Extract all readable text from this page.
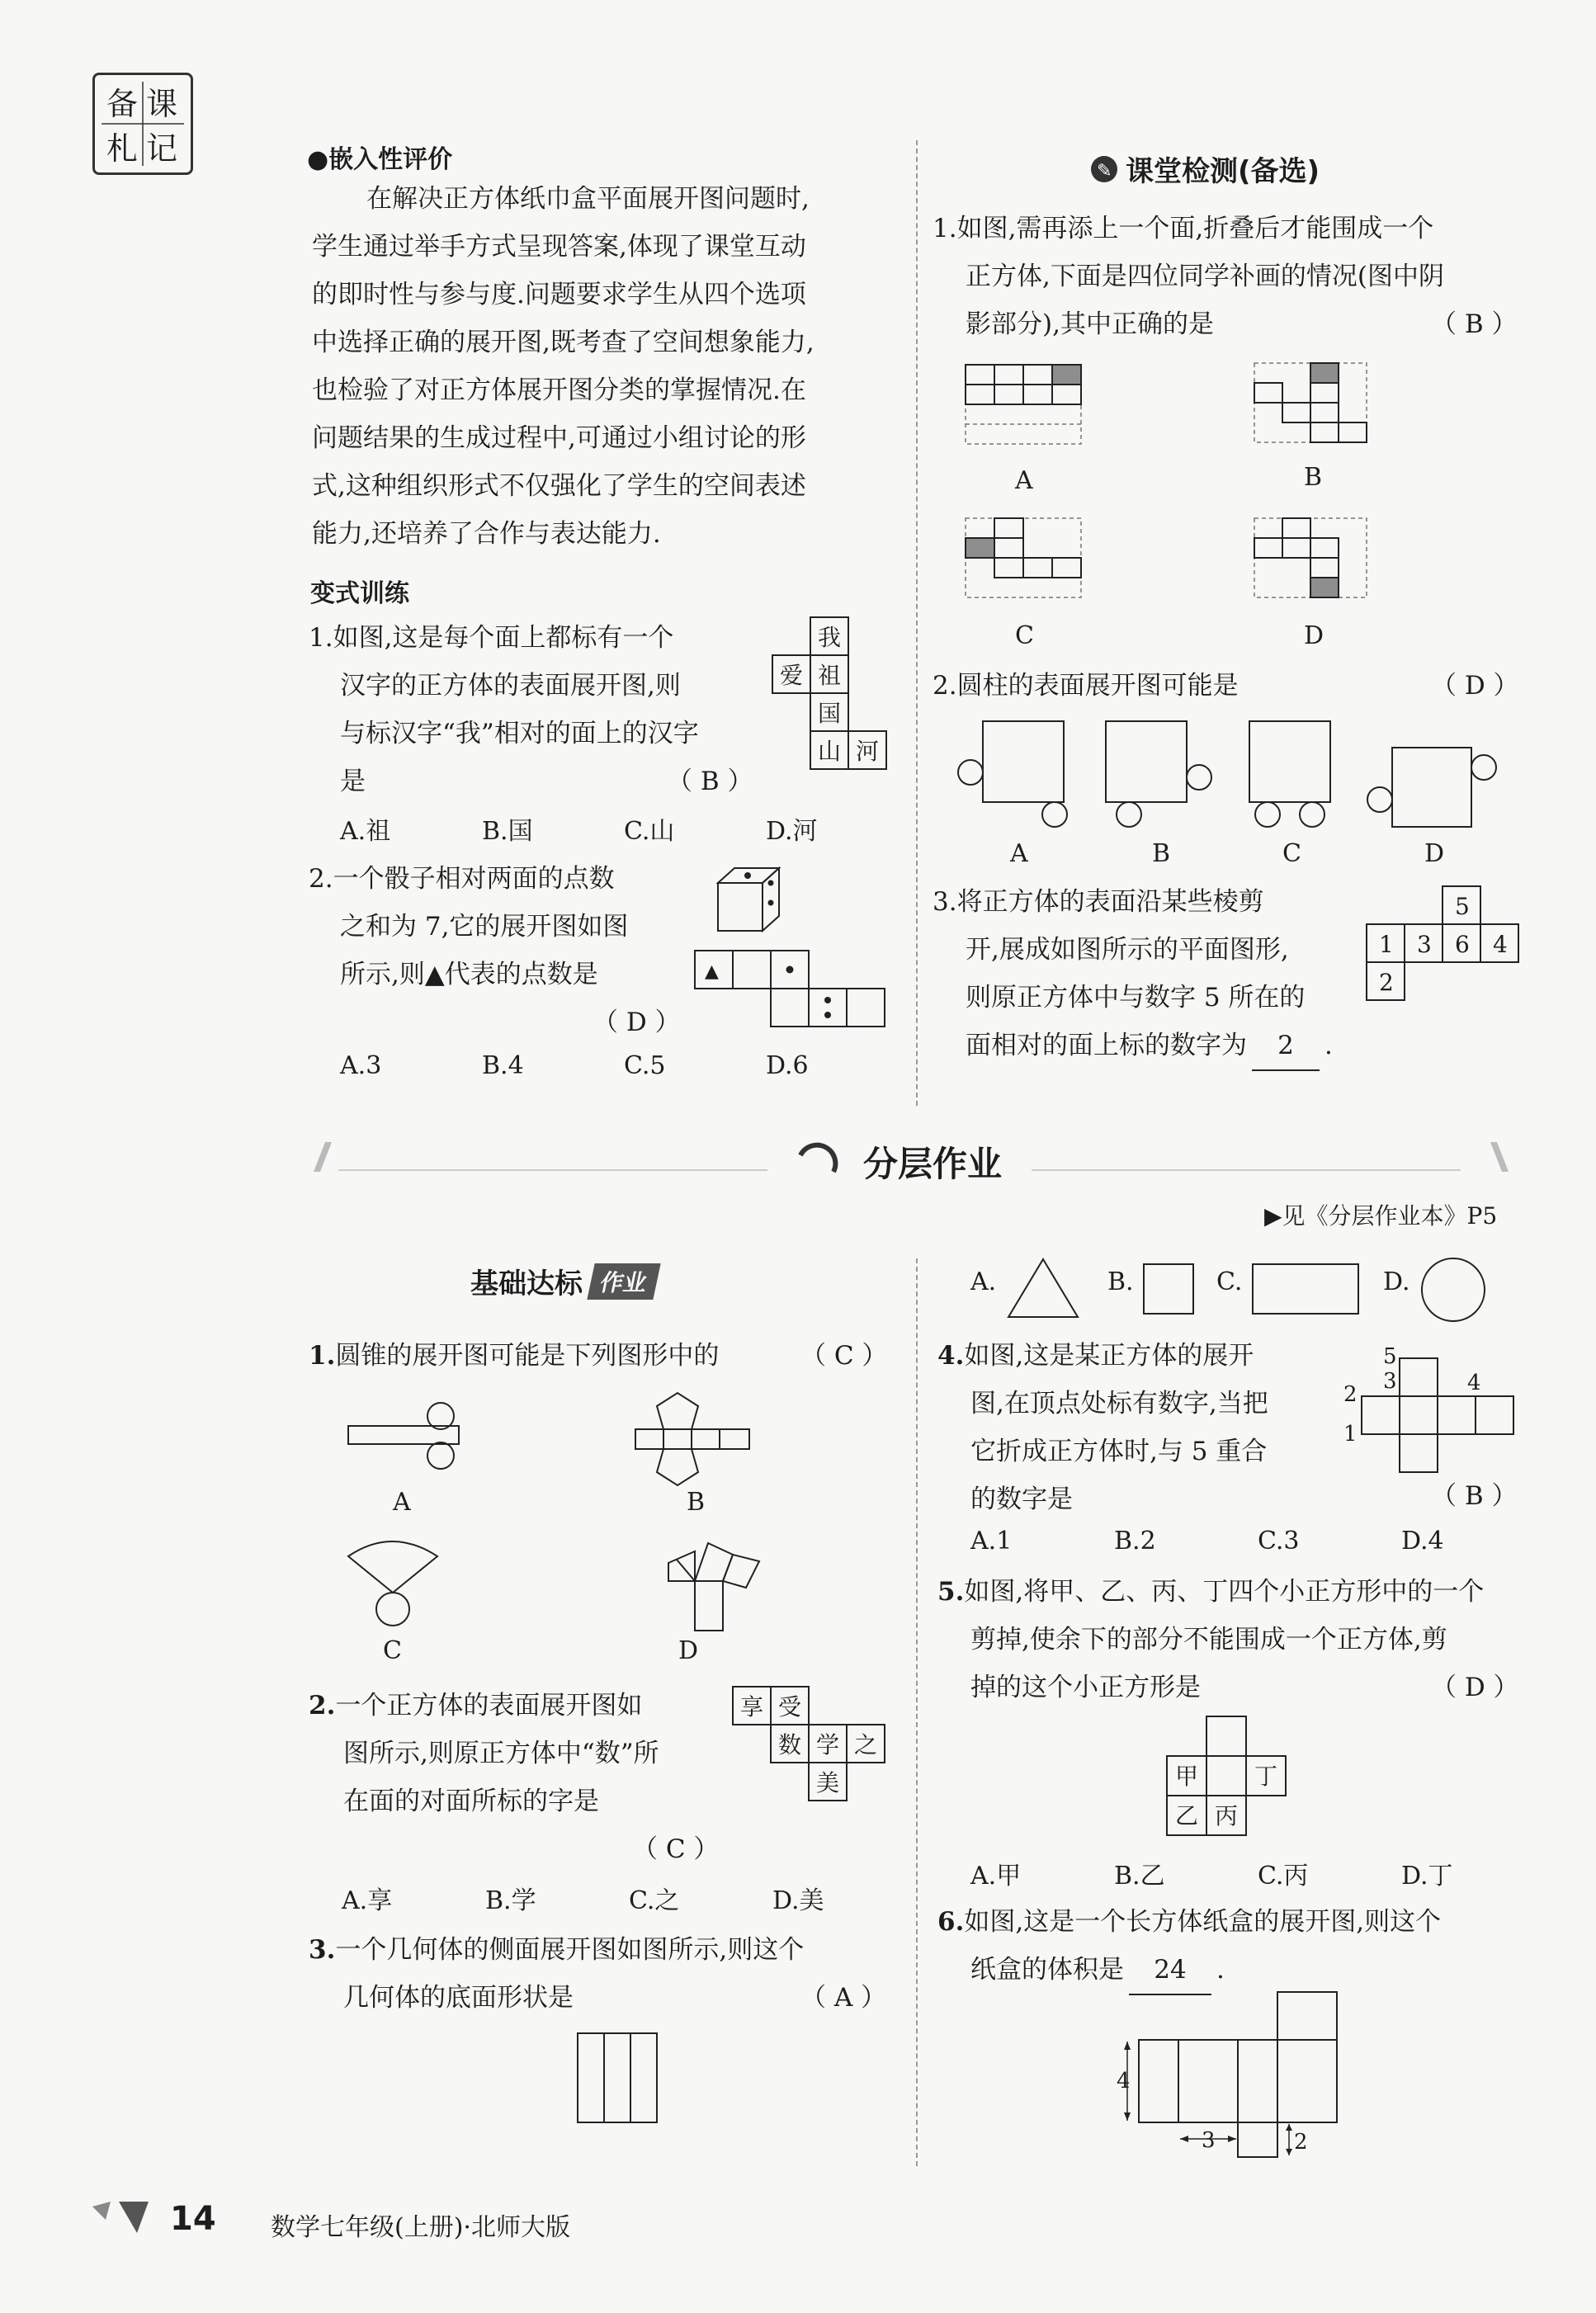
备 课
札 记	●嵌入性评价
在解决正方体纸巾盒平面展开图问题时,
学生通过举手方式呈现答案,体现了课堂互动
的即时性与参与度.问题要求学生从四个选项
中选择正确的展开图,既考查了空间想象能力,
也检验了对正方体展开图分类的掌握情况.在
问题结果的生成过程中,可通过小组讨论的形
式,这种组织形式不仅强化了学生的空间表述
能力,还培养了合作与表达能力.
变式训练
1.如图,这是每个面上都标有一个
汉字的正方体的表面展开图,则
与标汉字“我”相对的面上的汉字
是	（ B ）
我
爱 祖
国
山 河
A.祖	B.国	C.山	D.河
2.一个骰子相对两面的点数
之和为 7,它的展开图如图
所示,则▲代表的点数是
（ D ）
▲
A.3	B.4	C.5	D.6
✎ 课堂检测(备选)
1.如图,需再添上一个面,折叠后才能围成一个
正方体,下面是四位同学补画的情况(图中阴
影部分),其中正确的是	（ B ）
A	B
C	D
2.圆柱的表面展开图可能是	（ D ）
A	B	C	D
3.将正方体的表面沿某些棱剪
开,展成如图所示的平面图形,
则原正方体中与数字 5 所在的
面相对的面上标的数字为 2 .
5
1 3 6 4
2
分层作业
▶见《分层作业本》P5
基础达标 作业
1.圆锥的展开图可能是下列图形中的	（ C ）
A	B
C	D
2.一个正方体的表面展开图如
图所示,则原正方体中“数”所
在面的对面所标的字是
享 受
数 学 之
美
（ C ）
A.享	B.学	C.之	D.美
3.一个几何体的侧面展开图如图所示,则这个
几何体的底面形状是	（ A ）
A.	B.	C.	D.
4.如图,这是某正方体的展开
图,在顶点处标有数字,当把
它折成正方体时,与 5 重合
的数字是
5
3	4
2
1
（ B ）
A.1	B.2	C.3	D.4
5.如图,将甲、乙、丙、丁四个小正方形中的一个
剪掉,使余下的部分不能围成一个正方体,剪
掉的这个小正方形是	（ D ）
甲 丁
乙 丙
A.甲	B.乙	C.丙	D.丁
6.如图,这是一个长方体纸盒的展开图,则这个
纸盒的体积是 24 .
4
3	2
14 数学七年级(上册)·北师大版
